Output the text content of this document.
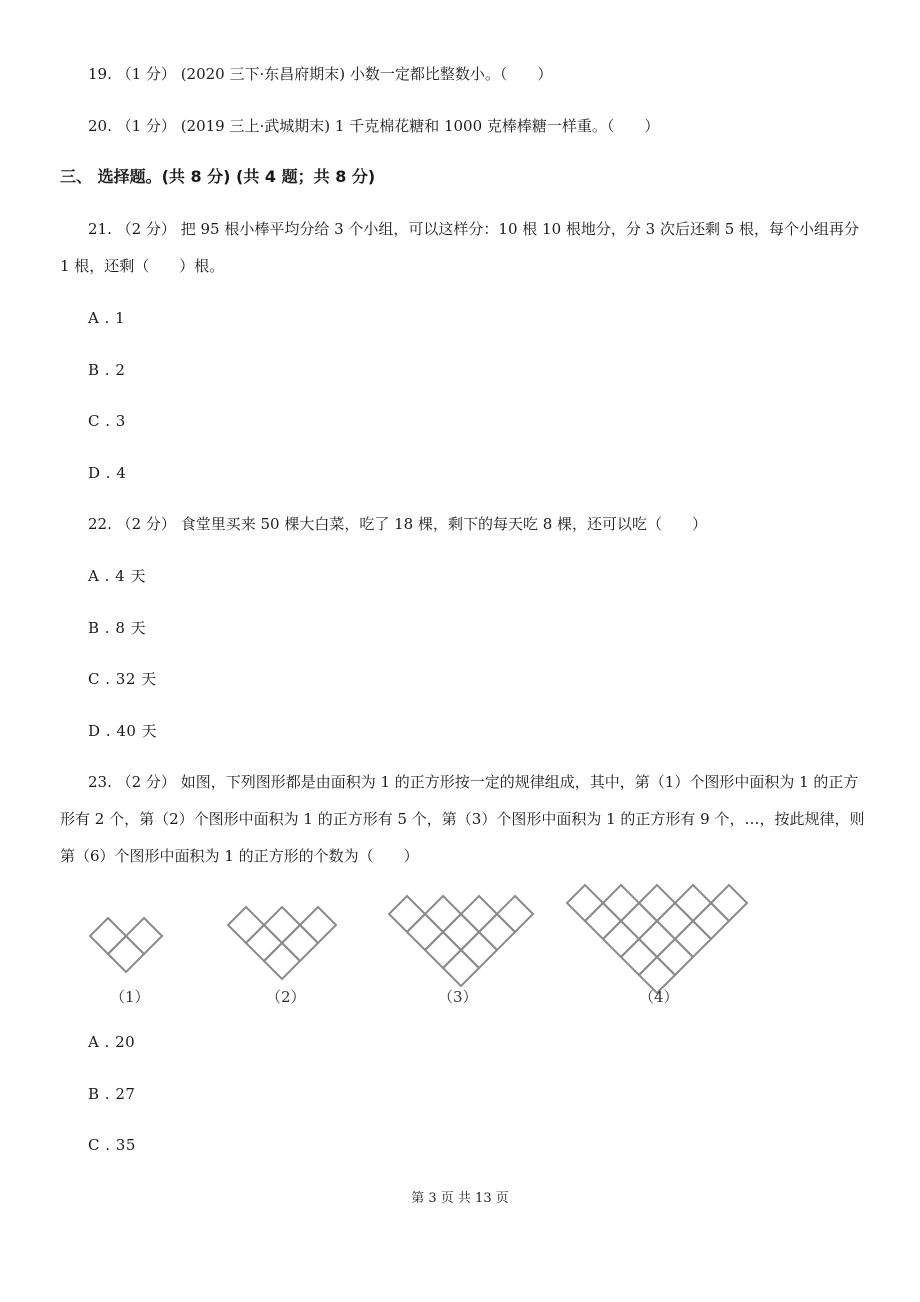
19. （1 分） (2020 三下·东昌府期末) 小数一定都比整数小。（　　）
20. （1 分） (2019 三上·武城期末) 1 千克棉花糖和 1000 克棒棒糖一样重。（　　）
三、 选择题。(共 8 分) (共 4 题；共 8 分)
21. （2 分） 把 95 根小棒平均分给 3 个小组，可以这样分：10 根 10 根地分，分 3 次后还剩 5 根，每个小组再分 1 根，还剩（　　）根。
A . 1
B . 2
C . 3
D . 4
22. （2 分） 食堂里买来 50 棵大白菜，吃了 18 棵，剩下的每天吃 8 棵，还可以吃（　　）
A . 4 天
B . 8 天
C . 32 天
D . 40 天
23. （2 分） 如图，下列图形都是由面积为 1 的正方形按一定的规律组成，其中，第（1）个图形中面积为 1 的正方形有 2 个，第（2）个图形中面积为 1 的正方形有 5 个，第（3）个图形中面积为 1 的正方形有 9 个，…，按此规律，则第（6）个图形中面积为 1 的正方形的个数为（　　）
（1）	（2）	（3）	（4）
A . 20
B . 27
C . 35
第 3 页 共 13 页
